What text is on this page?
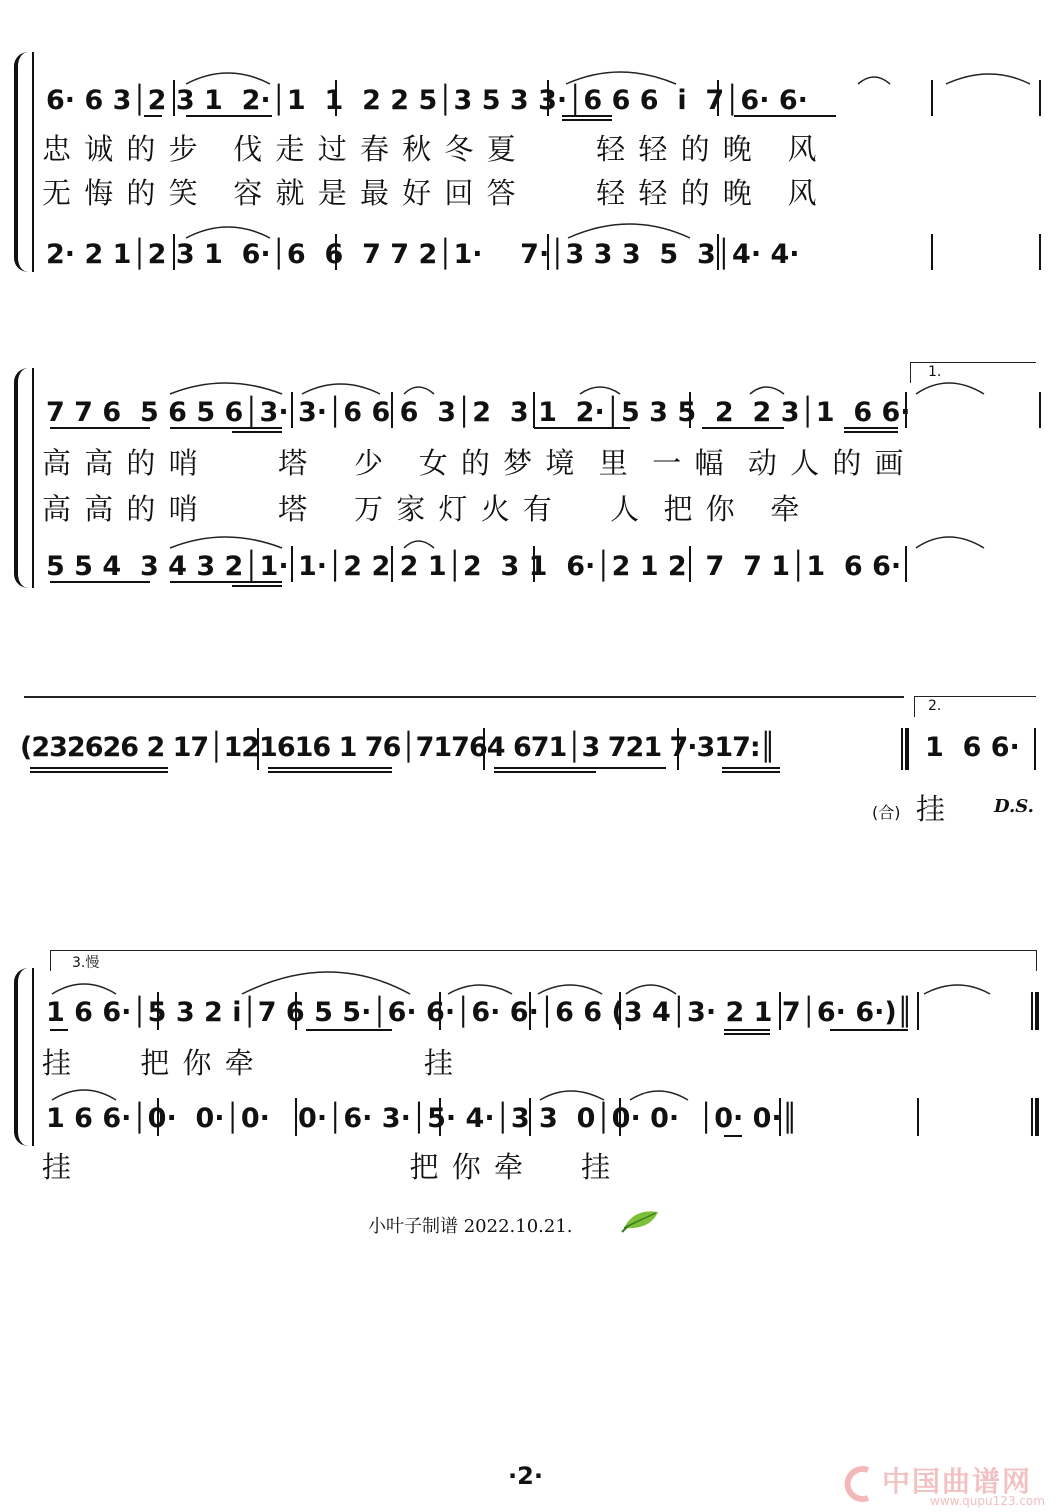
6· 6 3│2 3 1  2·│1  1  2 2 5│3 5 3 3·│6 6 6  i  7│6· 6·
忠 诚 的 步   伐 走 过 春 秋 冬 夏       轻 轻 的 晚   风
无 悔 的 笑   容 就 是 最 好 回 答       轻 轻 的 晚   风
2· 2 1│2 3 1  6·│6  6  7 7 2│1·    7·│3 3 3  5  3│4· 4·
1.
7 7 6  5 6 5 6│3· 3·│6 6 6  3│2  3 1  2·│5 3 5  2  2 3│1  6 6·
高 高 的 哨       塔    少   女 的 梦 境  里  一 幅  动 人 的 画
高 高 的 哨       塔    万 家 灯 火 有     人  把 你   牵
5 5 4  3 4 3 2│1· 1·│2 2 2 1│2  3 1  6·│2 1 2  7  7 1│1  6 6·
2.
(232626 2 17│121616 1 76│71764 671│3 721 7·317:║	1  6 6·
(合) 挂	D.S.
3.慢
1 6 6·│5 3 2 i│7 6 5 5·│6· 6·│6· 6·│6 6 (3 4│3· 2 1 7│6· 6·)║
挂      把 你 牵               挂
1 6 6·│0·  0·│0·   0·│6· 3·│5· 4·│3 3  0│0· 0·  │0· 0·║
挂                              把 你 牵     挂
小叶子制谱 2022.10.21.
·2·	中国曲谱网
www.qupu123.com
